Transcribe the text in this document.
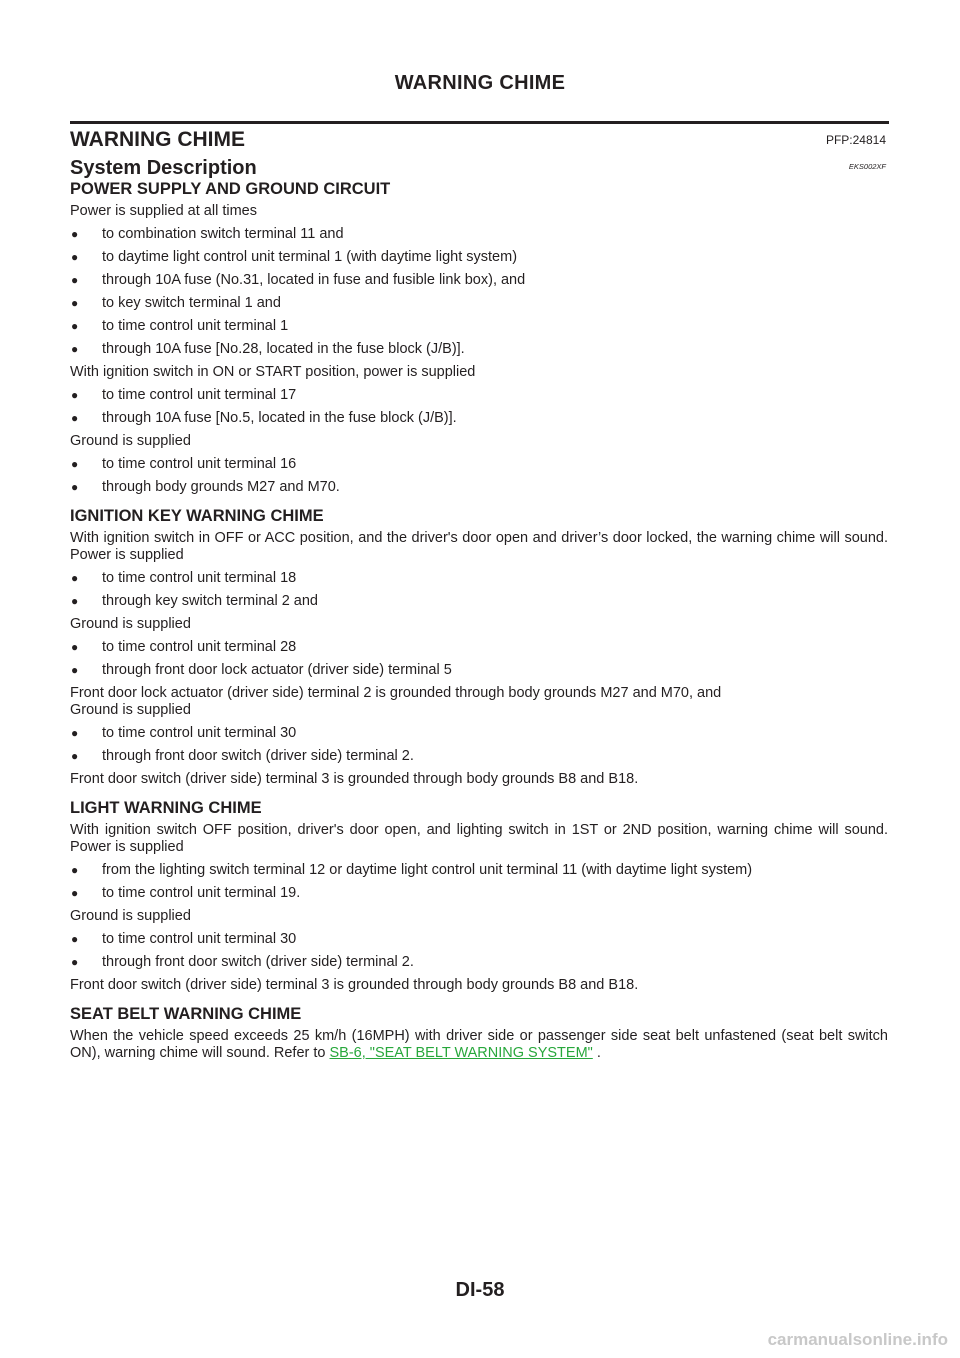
WARNING CHIME
WARNING CHIME	PFP:24814
System Description	EKS002XF
POWER SUPPLY AND GROUND CIRCUIT
Power is supplied at all times
● to combination switch terminal 11 and
● to daytime light control unit terminal 1 (with daytime light system)
● through 10A fuse (No.31, located in fuse and fusible link box), and
● to key switch terminal 1 and
● to time control unit terminal 1
● through 10A fuse [No.28, located in the fuse block (J/B)].
With ignition switch in ON or START position, power is supplied
● to time control unit terminal 17
● through 10A fuse [No.5, located in the fuse block (J/B)].
Ground is supplied
● to time control unit terminal 16
● through body grounds M27 and M70.
IGNITION KEY WARNING CHIME
With ignition switch in OFF or ACC position, and the driver's door open and driver’s door locked, the warning chime will sound. Power is supplied
● to time control unit terminal 18
● through key switch terminal 2 and
Ground is supplied
● to time control unit terminal 28
● through front door lock actuator (driver side) terminal 5
Front door lock actuator (driver side) terminal 2 is grounded through body grounds M27 and M70, and
Ground is supplied
● to time control unit terminal 30
● through front door switch (driver side) terminal 2.
Front door switch (driver side) terminal 3 is grounded through body grounds B8 and B18.
LIGHT WARNING CHIME
With ignition switch OFF position, driver's door open, and lighting switch in 1ST or 2ND position, warning chime will sound. Power is supplied
● from the lighting switch terminal 12 or daytime light control unit terminal 11 (with daytime light system)
● to time control unit terminal 19.
Ground is supplied
● to time control unit terminal 30
● through front door switch (driver side) terminal 2.
Front door switch (driver side) terminal 3 is grounded through body grounds B8 and B18.
SEAT BELT WARNING CHIME
When the vehicle speed exceeds 25 km/h (16MPH) with driver side or passenger side seat belt unfastened (seat belt switch ON), warning chime will sound. Refer to SB-6, "SEAT BELT WARNING SYSTEM" .
DI-58
carmanualsonline.info
